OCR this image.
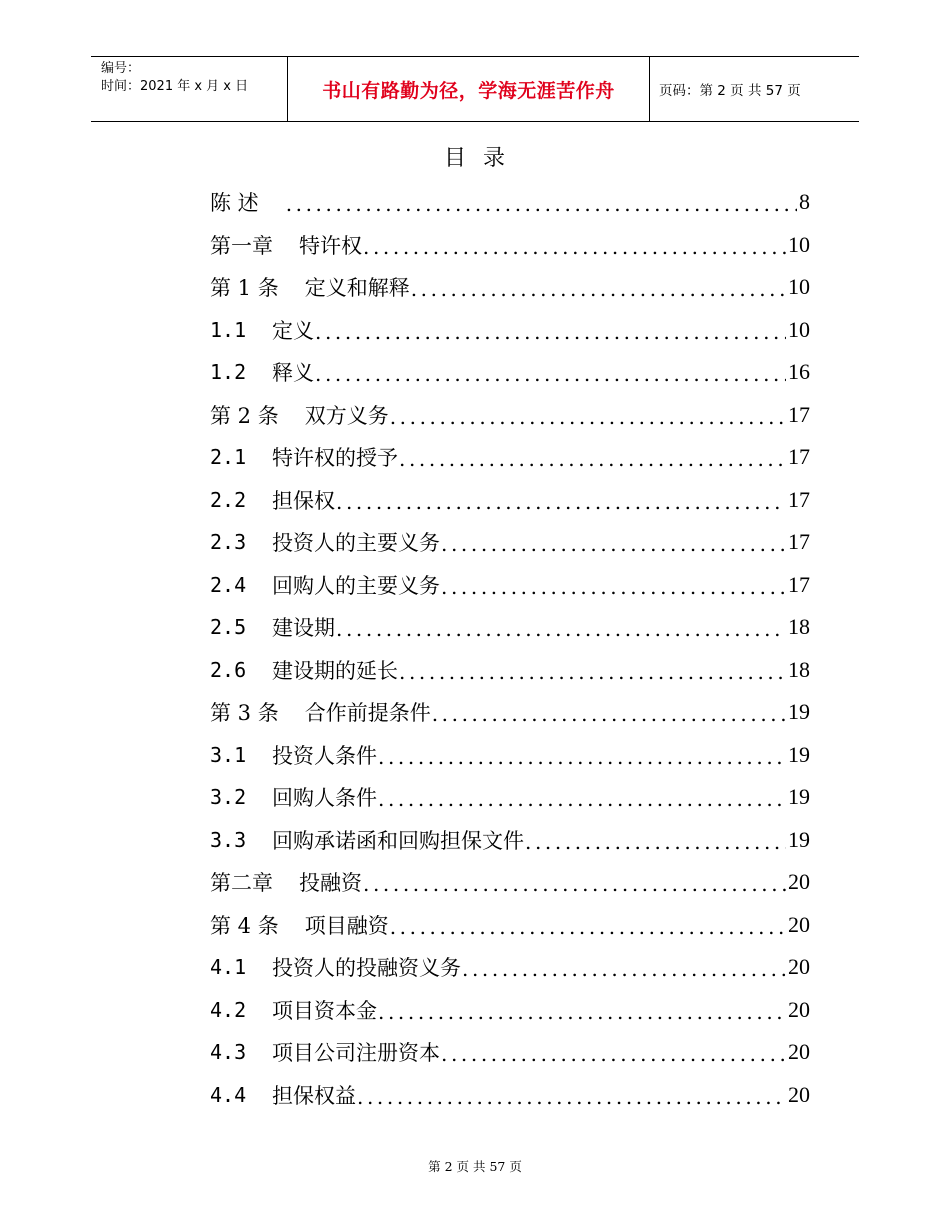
编号：
时间：2021 年 x 月 x 日	书山有路勤为径，学海无涯苦作舟	页码：第 2 页 共 57 页
目  录
陈 述 .....	8
第一章 特许权 .....	10
第 1 条 定义和解释 .....	10
1.1	定义 .....	10
1.2	释义 .....	16
第 2 条 双方义务 .....	17
2.1	特许权的授予 .....	17
2.2	担保权 .....	17
2.3	投资人的主要义务 .....	17
2.4	回购人的主要义务 .....	17
2.5	建设期 .....	18
2.6	建设期的延长 .....	18
第 3 条 合作前提条件 .....	19
3.1	投资人条件 .....	19
3.2	回购人条件 .....	19
3.3	回购承诺函和回购担保文件 .....	19
第二章 投融资 .....	20
第 4 条 项目融资 .....	20
4.1	投资人的投融资义务 .....	20
4.2	项目资本金 .....	20
4.3	项目公司注册资本 .....	20
4.4	担保权益 .....	20
第 2 页 共 57 页
